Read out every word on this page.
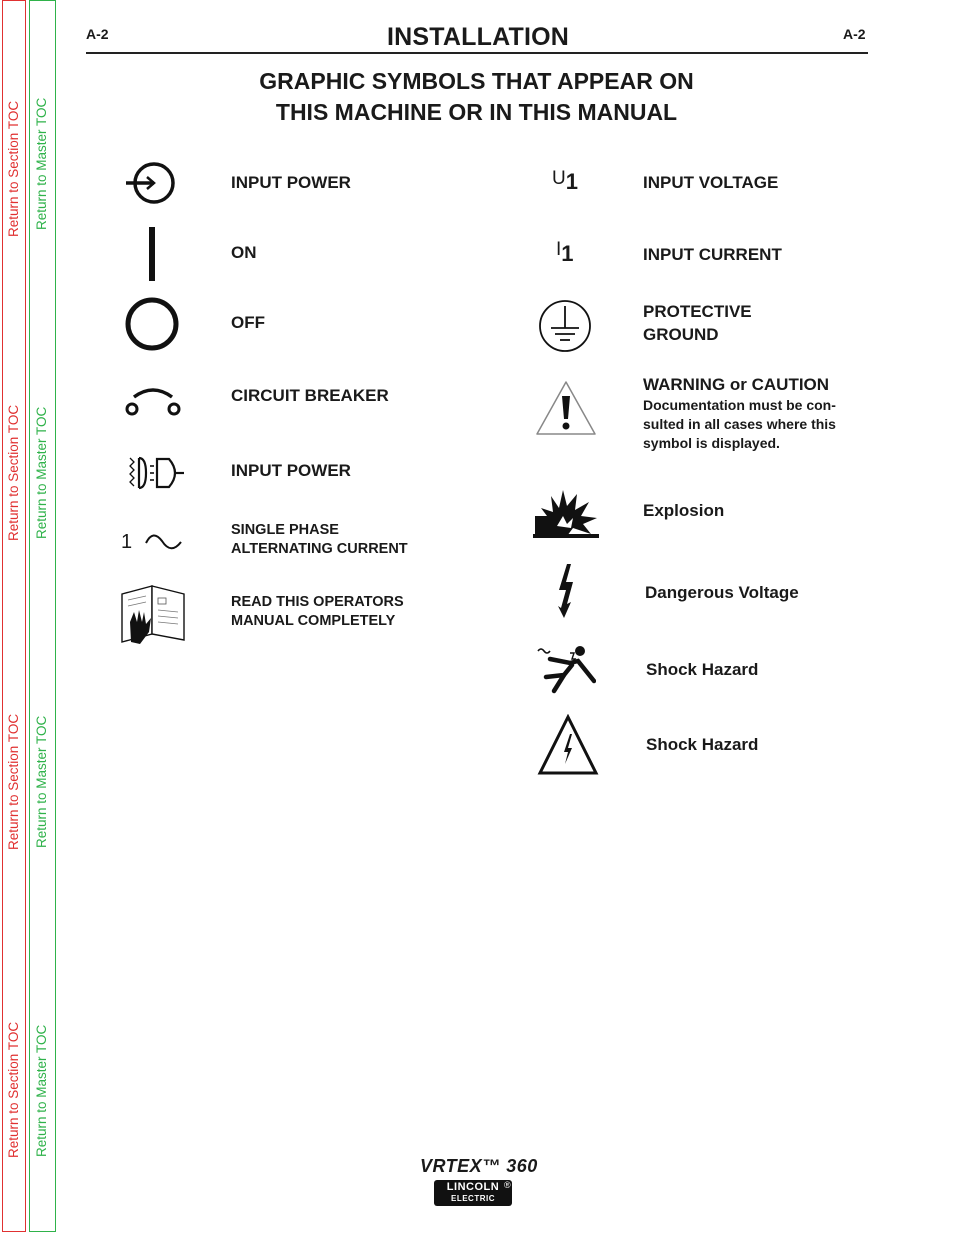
Return to Section TOC
Return to Section TOC
Return to Section TOC
Return to Section TOC
Return to Master TOC
Return to Master TOC
Return to Master TOC
Return to Master TOC
A-2	A-2
INSTALLATION
GRAPHIC SYMBOLS THAT APPEAR ON
THIS MACHINE OR IN THIS MANUAL
INPUT POWER
ON
OFF
CIRCUIT BREAKER
INPUT POWER
1
SINGLE PHASE
ALTERNATING CURRENT
READ THIS OPERATORS
MANUAL COMPLETELY
U1	INPUT VOLTAGE
I1	INPUT CURRENT
PROTECTIVE
GROUND
WARNING or CAUTION
Documentation must be con-
sulted in all cases where this
symbol is displayed.
Explosion
Dangerous Voltage
Shock Hazard
Shock Hazard
VRTEX™ 360
LINCOLN
ELECTRIC
®
